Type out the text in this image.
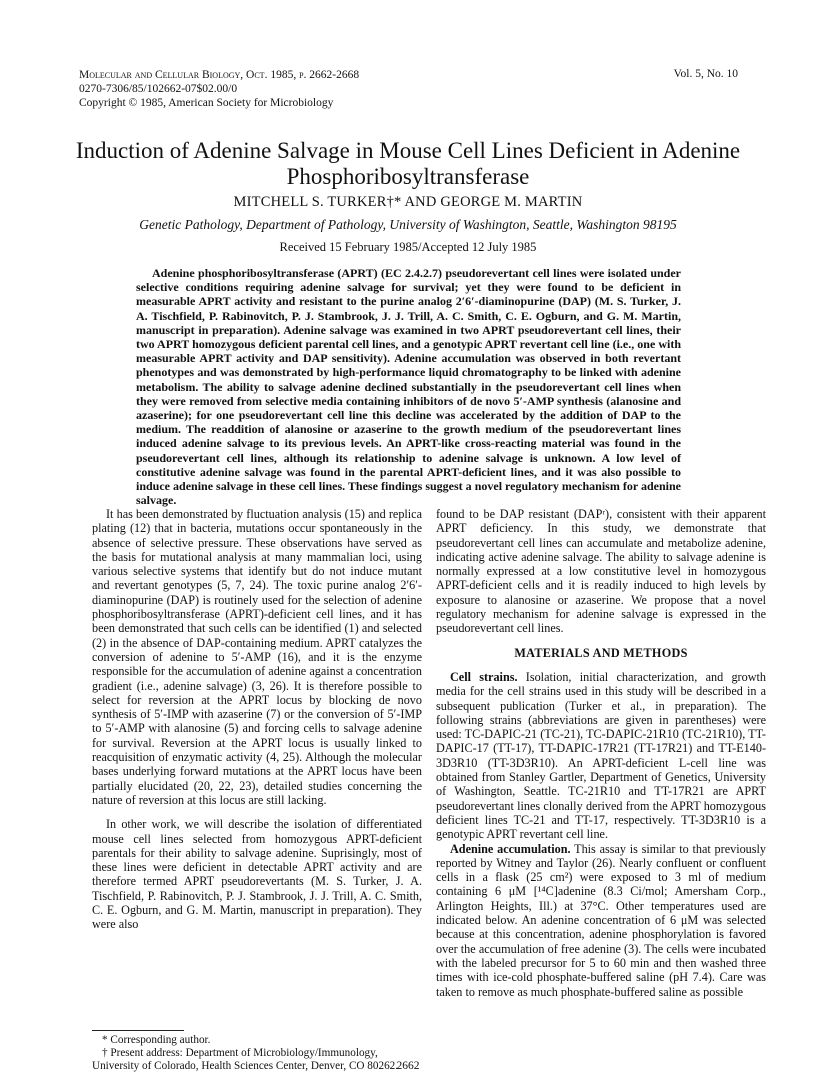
Molecular and Cellular Biology, Oct. 1985, p. 2662-2668
0270-7306/85/102662-07$02.00/0
Copyright © 1985, American Society for Microbiology
Vol. 5, No. 10
Induction of Adenine Salvage in Mouse Cell Lines Deficient in Adenine Phosphoribosyltransferase
MITCHELL S. TURKER†* AND GEORGE M. MARTIN
Genetic Pathology, Department of Pathology, University of Washington, Seattle, Washington 98195
Received 15 February 1985/Accepted 12 July 1985

Adenine phosphoribosyltransferase (APRT) (EC 2.4.2.7) pseudorevertant cell lines were isolated under selective conditions requiring adenine salvage for survival; yet they were found to be deficient in measurable APRT activity and resistant to the purine analog 2′6′-diaminopurine (DAP) (M. S. Turker, J. A. Tischfield, P. Rabinovitch, P. J. Stambrook, J. J. Trill, A. C. Smith, C. E. Ogburn, and G. M. Martin, manuscript in preparation). Adenine salvage was examined in two APRT pseudorevertant cell lines, their two APRT homozygous deficient parental cell lines, and a genotypic APRT revertant cell line (i.e., one with measurable APRT activity and DAP sensitivity). Adenine accumulation was observed in both revertant phenotypes and was demonstrated by high-performance liquid chromatography to be linked with adenine metabolism. The ability to salvage adenine declined substantially in the pseudorevertant cell lines when they were removed from selective media containing inhibitors of de novo 5′-AMP synthesis (alanosine and azaserine); for one pseudorevertant cell line this decline was accelerated by the addition of DAP to the medium. The readdition of alanosine or azaserine to the growth medium of the pseudorevertant lines induced adenine salvage to its previous levels. An APRT-like cross-reacting material was found in the pseudorevertant cell lines, although its relationship to adenine salvage is unknown. A low level of constitutive adenine salvage was found in the parental APRT-deficient lines, and it was also possible to induce adenine salvage in these cell lines. These findings suggest a novel regulatory mechanism for adenine salvage.

It has been demonstrated by fluctuation analysis (15) and replica plating (12) that in bacteria, mutations occur spontaneously in the absence of selective pressure. These observations have served as the basis for mutational analysis at many mammalian loci, using various selective systems that identify but do not induce mutant and revertant genotypes (5, 7, 24). The toxic purine analog 2′6′-diaminopurine (DAP) is routinely used for the selection of adenine phosphoribosyltransferase (APRT)-deficient cell lines, and it has been demonstrated that such cells can be identified (1) and selected (2) in the absence of DAP-containing medium. APRT catalyzes the conversion of adenine to 5′-AMP (16), and it is the enzyme responsible for the accumulation of adenine against a concentration gradient (i.e., adenine salvage) (3, 26). It is therefore possible to select for reversion at the APRT locus by blocking de novo synthesis of 5′-IMP with azaserine (7) or the conversion of 5′-IMP to 5′-AMP with alanosine (5) and forcing cells to salvage adenine for survival. Reversion at the APRT locus is usually linked to reacquisition of enzymatic activity (4, 25). Although the molecular bases underlying forward mutations at the APRT locus have been partially elucidated (20, 22, 23), detailed studies concerning the nature of reversion at this locus are still lacking.

In other work, we will describe the isolation of differentiated mouse cell lines selected from homozygous APRT-deficient parentals for their ability to salvage adenine. Suprisingly, most of these lines were deficient in detectable APRT activity and are therefore termed APRT pseudorevertants (M. S. Turker, J. A. Tischfield, P. Rabinovitch, P. J. Stambrook, J. J. Trill, A. C. Smith, C. E. Ogburn, and G. M. Martin, manuscript in preparation). They were also

found to be DAP resistant (DAPʳ), consistent with their apparent APRT deficiency. In this study, we demonstrate that pseudorevertant cell lines can accumulate and metabolize adenine, indicating active adenine salvage. The ability to salvage adenine is normally expressed at a low constitutive level in homozygous APRT-deficient cells and it is readily induced to high levels by exposure to alanosine or azaserine. We propose that a novel regulatory mechanism for adenine salvage is expressed in the pseudorevertant cell lines.

MATERIALS AND METHODS

Cell strains. Isolation, initial characterization, and growth media for the cell strains used in this study will be described in a subsequent publication (Turker et al., in preparation). The following strains (abbreviations are given in parentheses) were used: TC-DAPIC-21 (TC-21), TC-DAPIC-21R10 (TC-21R10), TT-DAPIC-17 (TT-17), TT-DAPIC-17R21 (TT-17R21) and TT-E140-3D3R10 (TT-3D3R10). An APRT-deficient L-cell line was obtained from Stanley Gartler, Department of Genetics, University of Washington, Seattle. TC-21R10 and TT-17R21 are APRT pseudorevertant lines clonally derived from the APRT homozygous deficient lines TC-21 and TT-17, respectively. TT-3D3R10 is a genotypic APRT revertant cell line.

Adenine accumulation. This assay is similar to that previously reported by Witney and Taylor (26). Nearly confluent or confluent cells in a flask (25 cm²) were exposed to 3 ml of medium containing 6 μM [¹⁴C]adenine (8.3 Ci/mol; Amersham Corp., Arlington Heights, Ill.) at 37°C. Other temperatures used are indicated below. An adenine concentration of 6 μM was selected because at this concentration, adenine phosphorylation is favored over the accumulation of free adenine (3). The cells were incubated with the labeled precursor for 5 to 60 min and then washed three times with ice-cold phosphate-buffered saline (pH 7.4). Care was taken to remove as much phosphate-buffered saline as possible

* Corresponding author.

† Present address: Department of Microbiology/Immunology, University of Colorado, Health Sciences Center, Denver, CO 80262.

2662
